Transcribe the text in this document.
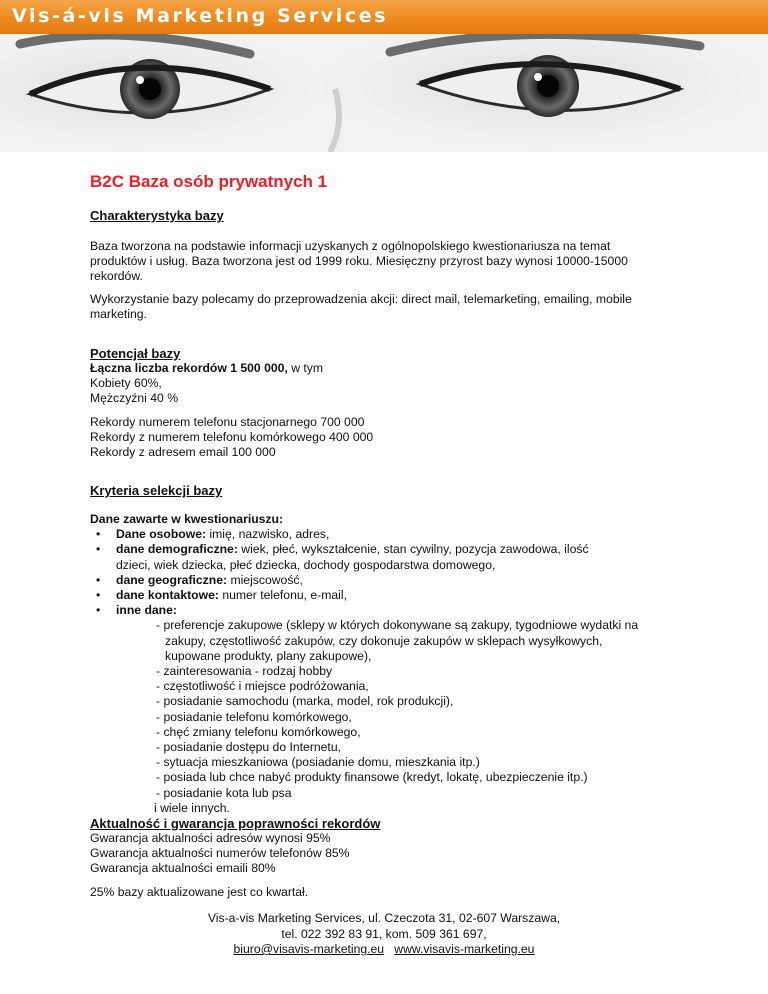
Vis-á-vis Marketing Services
B2C Baza osób prywatnych 1
Charakterystyka bazy
Baza tworzona na podstawie informacji uzyskanych z ogólnopolskiego kwestionariusza na temat
produktów i usług. Baza tworzona jest od 1999 roku. Miesięczny przyrost bazy wynosi 10000-15000
rekordów.
Wykorzystanie bazy polecamy do przeprowadzenia akcji: direct mail, telemarketing, emailing, mobile
marketing.
Potencjał bazy
Łączna liczba rekordów 1 500 000, w tym
Kobiety 60%,
Mężczyźni 40 %
Rekordy numerem telefonu stacjonarnego 700 000
Rekordy z numerem telefonu komórkowego 400 000
Rekordy z adresem email 100 000
Kryteria selekcji bazy
Dane zawarte w kwestionariuszu:
• Dane osobowe: imię, nazwisko, adres,
• dane demograficzne: wiek, płeć, wykształcenie, stan cywilny, pozycja zawodowa, ilość
dzieci, wiek dziecka, płeć dziecka, dochody gospodarstwa domowego,
• dane geograficzne: miejscowość,
• dane kontaktowe: numer telefonu, e-mail,
• inne dane:
- preferencje zakupowe (sklepy w których dokonywane są zakupy, tygodniowe wydatki na
zakupy, częstotliwość zakupów, czy dokonuje zakupów w sklepach wysyłkowych,
kupowane produkty, plany zakupowe),
- zainteresowania - rodzaj hobby
- częstotliwość i miejsce podróżowania,
- posiadanie samochodu (marka, model, rok produkcji),
- posiadanie telefonu komórkowego,
- chęć zmiany telefonu komórkowego,
- posiadanie dostępu do Internetu,
- sytuacja mieszkaniowa (posiadanie domu, mieszkania itp.)
- posiada lub chce nabyć produkty finansowe (kredyt, lokatę, ubezpieczenie itp.)
- posiadanie kota lub psa
i wiele innych.
Aktualność i gwarancja poprawności rekordów
Gwarancja aktualności adresów wynosi 95%
Gwarancja aktualności numerów telefonów 85%
Gwarancja aktualności emaili 80%
25% bazy aktualizowane jest co kwartał.
Vis-a-vis Marketing Services, ul. Czeczota 31, 02-607 Warszawa,
tel. 022 392 83 91, kom. 509 361 697,
biuro@visavis-marketing.eu www.visavis-marketing.eu
